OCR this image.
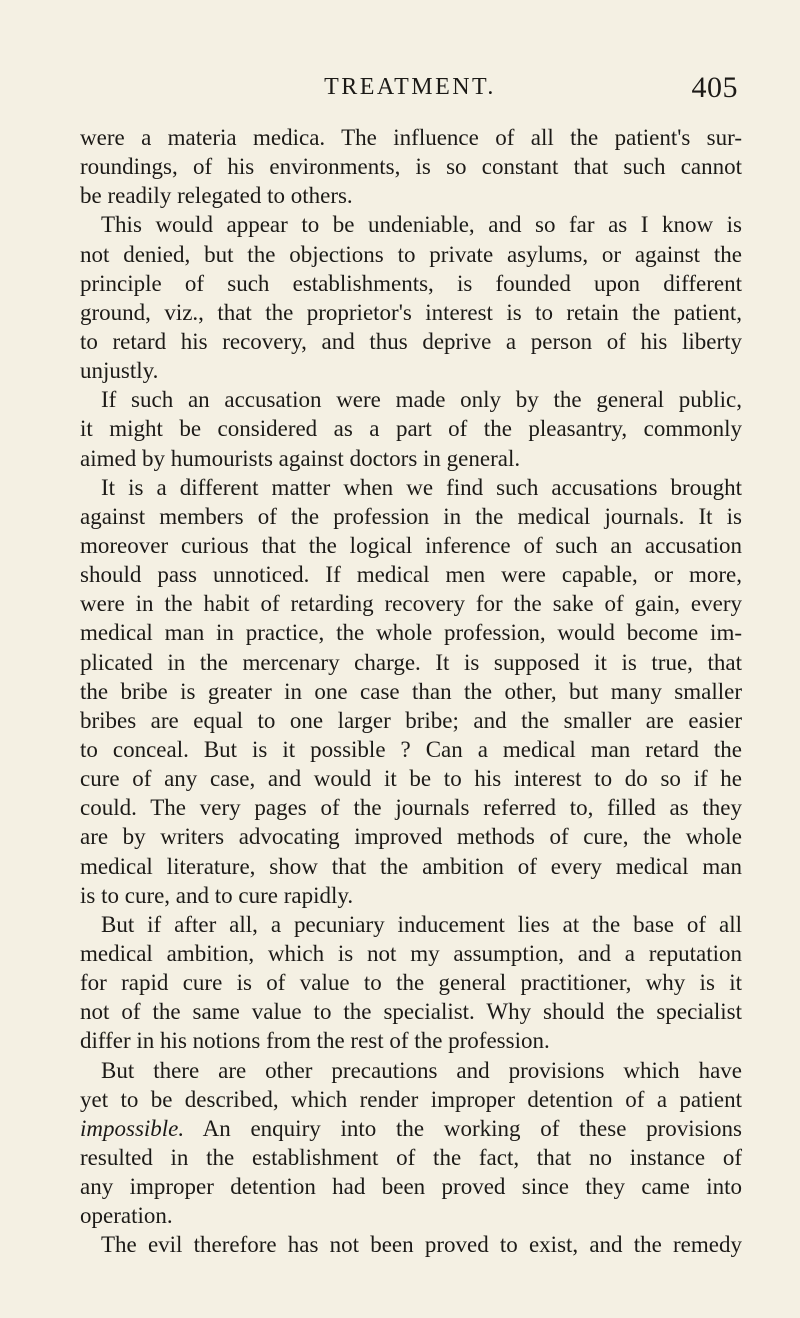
TREATMENT.	405
were a materia medica. The influence of all the patient's sur-
roundings, of his environments, is so constant that such cannot
be readily relegated to others.
This would appear to be undeniable, and so far as I know is
not denied, but the objections to private asylums, or against the
principle of such establishments, is founded upon different
ground, viz., that the proprietor's interest is to retain the patient,
to retard his recovery, and thus deprive a person of his liberty
unjustly.
If such an accusation were made only by the general public,
it might be considered as a part of the pleasantry, commonly
aimed by humourists against doctors in general.
It is a different matter when we find such accusations brought
against members of the profession in the medical journals. It is
moreover curious that the logical inference of such an accusation
should pass unnoticed. If medical men were capable, or more,
were in the habit of retarding recovery for the sake of gain, every
medical man in practice, the whole profession, would become im-
plicated in the mercenary charge. It is supposed it is true, that
the bribe is greater in one case than the other, but many smaller
bribes are equal to one larger bribe; and the smaller are easier
to conceal. But is it possible ? Can a medical man retard the
cure of any case, and would it be to his interest to do so if he
could. The very pages of the journals referred to, filled as they
are by writers advocating improved methods of cure, the whole
medical literature, show that the ambition of every medical man
is to cure, and to cure rapidly.
But if after all, a pecuniary inducement lies at the base of all
medical ambition, which is not my assumption, and a reputation
for rapid cure is of value to the general practitioner, why is it
not of the same value to the specialist. Why should the specialist
differ in his notions from the rest of the profession.
But there are other precautions and provisions which have
yet to be described, which render improper detention of a patient
impossible. An enquiry into the working of these provisions
resulted in the establishment of the fact, that no instance of
any improper detention had been proved since they came into
operation.
The evil therefore has not been proved to exist, and the remedy
